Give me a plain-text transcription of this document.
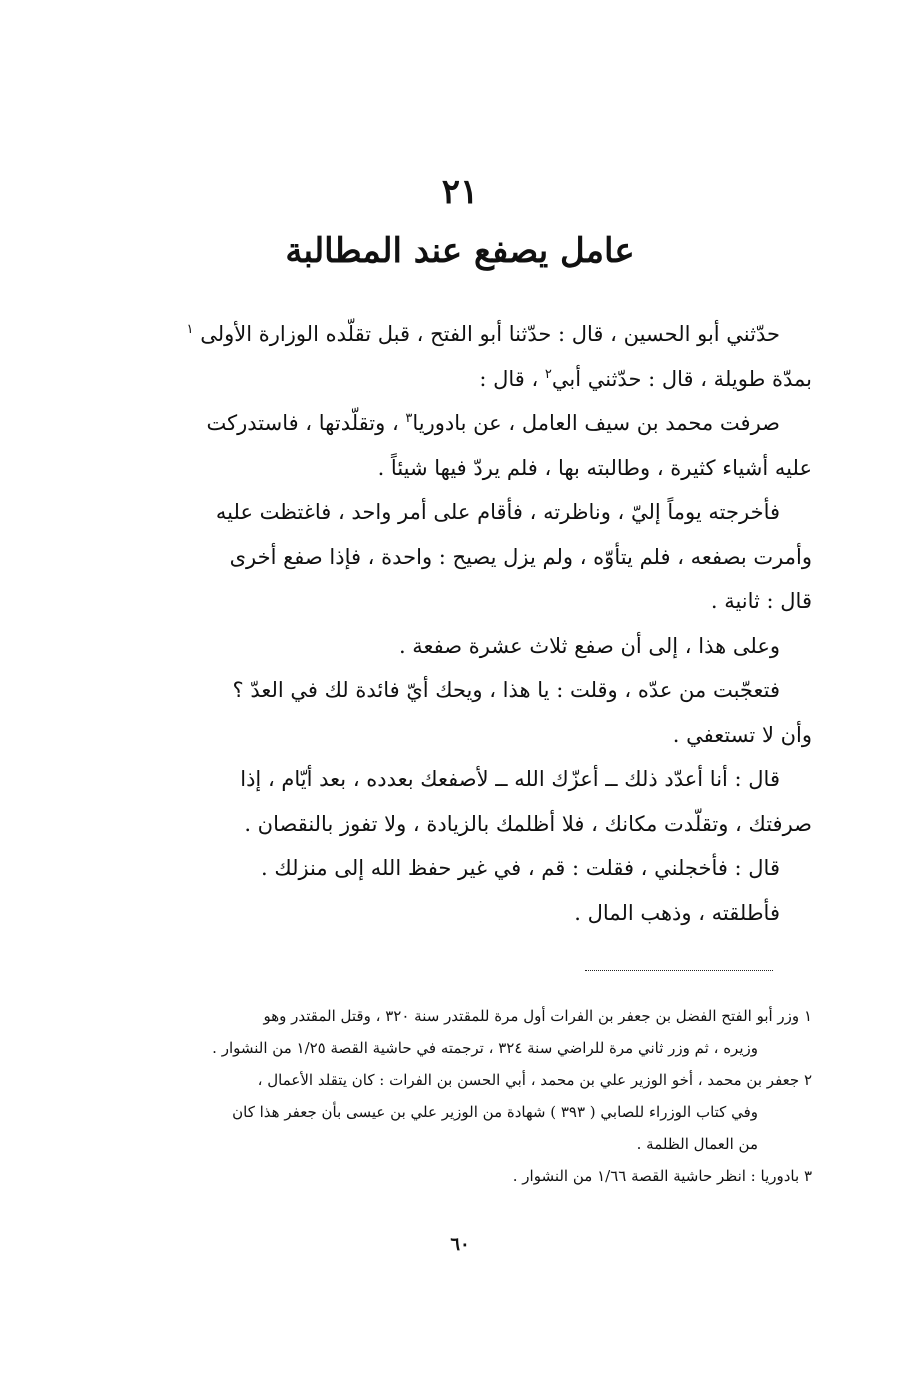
٢١
عامل يصفع عند المطالبة
حدّثني أبو الحسين ، قال : حدّثنا أبو الفتح ، قبل تقلّده الوزارة الأولى $^١$
بمدّة طويلة ، قال : حدّثني أبي$^٢$ ، قال :
صرفت محمد بن سيف العامل ، عن بادوريا$^٣$ ، وتقلّدتها ، فاستدركت
عليه أشياء كثيرة ، وطالبته بها ، فلم يردّ فيها شيئاً .
فأخرجته يوماً إليّ ، وناظرته ، فأقام على أمر واحد ، فاغتظت عليه
وأمرت بصفعه ، فلم يتأوّه ، ولم يزل يصيح : واحدة ، فإذا صفع أخرى
قال : ثانية .
وعلى هذا ، إلى أن صفع ثلاث عشرة صفعة .
فتعجّبت من عدّه ، وقلت : يا هذا ، ويحك أيّ فائدة لك في العدّ ؟
وأن لا تستعفي .
قال : أنا أعدّد ذلك ــ أعزّك الله ــ لأصفعك بعدده ، بعد أيّام ، إذا
صرفتك ، وتقلّدت مكانك ، فلا أظلمك بالزيادة ، ولا تفوز بالنقصان .
قال : فأخجلني ، فقلت : قم ، في غير حفظ الله إلى منزلك .
فأطلقته ، وذهب المال .
١ وزر أبو الفتح الفضل بن جعفر بن الفرات أول مرة للمقتدر سنة ٣٢٠ ، وقتل المقتدر وهو
وزيره ، ثم وزر ثاني مرة للراضي سنة ٣٢٤ ، ترجمته في حاشية القصة ١/٢٥ من النشوار .
٢ جعفر بن محمد ، أخو الوزير علي بن محمد ، أبي الحسن بن الفرات : كان يتقلد الأعمال ،
وفي كتاب الوزراء للصابي ( ٣٩٣ ) شهادة من الوزير علي بن عيسى بأن جعفر هذا كان
من العمال الظلمة .
٣ بادوريا : انظر حاشية القصة ١/٦٦ من النشوار .
٦٠
